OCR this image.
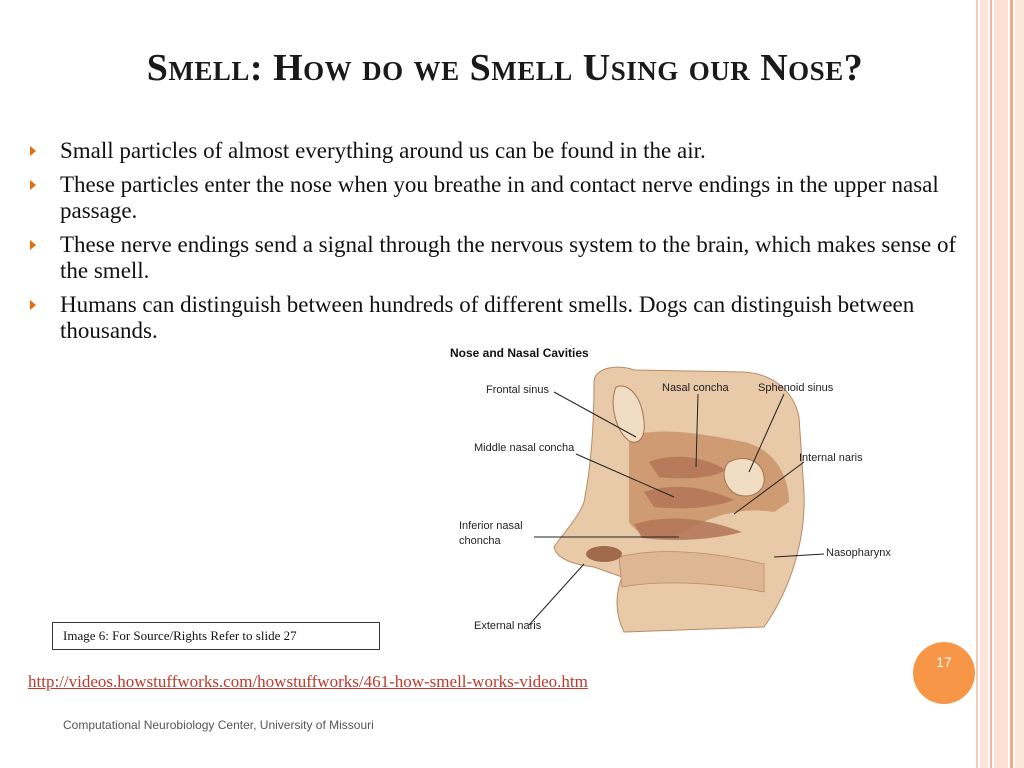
Smell: How do we Smell Using our Nose?
Small particles of almost everything around us can be found in the air.
These particles enter the nose when you breathe in and contact nerve endings in the upper nasal passage.
These nerve endings send a signal through the nervous system to the brain, which makes sense of the smell.
Humans can distinguish between hundreds of different smells. Dogs can distinguish between thousands.
Nose and Nasal Cavities
Frontal sinus	Nasal concha	Sphenoid sinus
Middle nasal concha
Internal naris
Inferior nasal
choncha
Nasopharynx
External naris
Image 6: For Source/Rights Refer to slide 27
17
http://videos.howstuffworks.com/howstuffworks/461-how-smell-works-video.htm
Computational Neurobiology Center, University of Missouri
